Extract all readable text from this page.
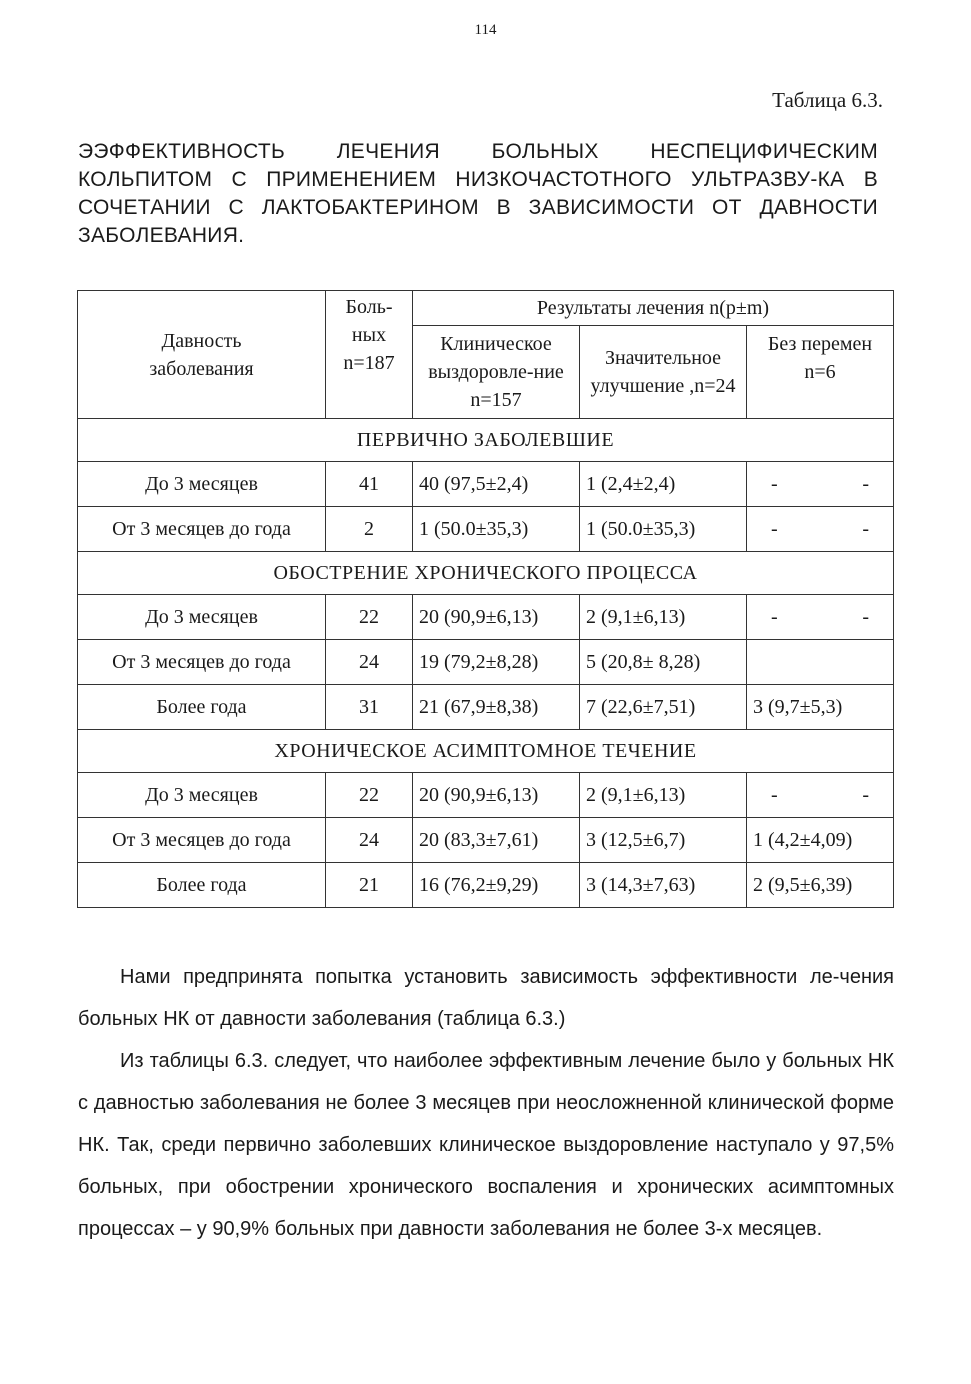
114
Таблица 6.3.
ЭЭФФЕКТИВНОСТЬ ЛЕЧЕНИЯ БОЛЬНЫХ НЕСПЕЦИФИЧЕСКИМ КОЛЬПИТОМ С ПРИМЕНЕНИЕМ НИЗКОЧАСТОТНОГО УЛЬТРАЗВУ-КА В СОЧЕТАНИИ С ЛАКТОБАКТЕРИНОМ В ЗАВИСИМОСТИ ОТ ДАВНОСТИ ЗАБОЛЕВАНИЯ.
Давность заболевания	Боль-ных n=187	Результаты лечения n(p±m)		
		Клиническое выздоровле-ние n=157	Значительное улучшение ,n=24	Без перемен n=6
ПЕРВИЧНО ЗАБОЛЕВШИЕ				
До 3 месяцев	41	40 (97,5±2,4)	1 (2,4±2,4)	- -
От 3 месяцев до года	2	1 (50.0±35,3)	1 (50.0±35,3)	- -
ОБОСТРЕНИЕ ХРОНИЧЕСКОГО ПРОЦЕССА				
До 3 месяцев	22	20 (90,9±6,13)	2 (9,1±6,13)	- -
От 3 месяцев до года	24	19 (79,2±8,28)	5 (20,8± 8,28)	
Более года	31	21 (67,9±8,38)	7 (22,6±7,51)	3 (9,7±5,3)
ХРОНИЧЕСКОЕ АСИМПТОМНОЕ ТЕЧЕНИЕ				
До 3 месяцев	22	20 (90,9±6,13)	2 (9,1±6,13)	- -
От 3 месяцев до года	24	20 (83,3±7,61)	3 (12,5±6,7)	1 (4,2±4,09)
Более года	21	16 (76,2±9,29)	3 (14,3±7,63)	2 (9,5±6,39)

Нами предпринята попытка установить зависимость эффективности ле-чения больных НК от давности заболевания (таблица 6.3.)

Из таблицы 6.3. следует, что наиболее эффективным лечение было у больных НК с давностью заболевания не более 3 месяцев при неосложненной клинической форме НК. Так, среди первично заболевших клиническое выздоровление наступало у 97,5% больных, при обострении хронического воспаления и хронических асимптомных процессах – у 90,9% больных при давности заболевания не более 3-х месяцев.
